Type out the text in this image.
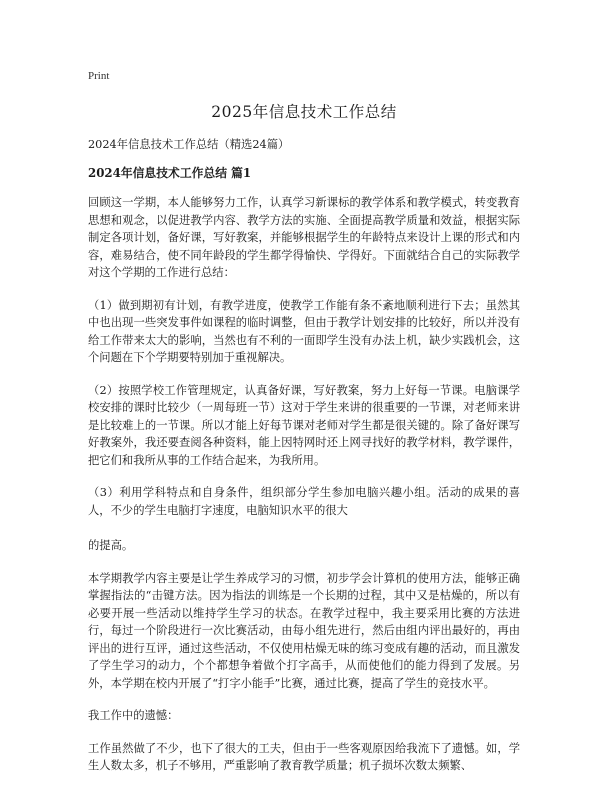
Print
2025年信息技术工作总结

2024年信息技术工作总结（精选24篇）

2024年信息技术工作总结 篇1

回顾这一学期，本人能够努力工作，认真学习新课标的教学体系和教学模式，转变教育思想和观念，以促进教学内容、教学方法的实施、全面提高教学质量和效益，根据实际制定各项计划，备好课，写好教案，并能够根据学生的年龄特点来设计上课的形式和内容，难易结合，使不同年龄段的学生都学得愉快、学得好。下面就结合自己的实际教学对这个学期的工作进行总结：

（1）做到期初有计划，有教学进度，使教学工作能有条不紊地顺利进行下去；虽然其中也出现一些突发事件如课程的临时调整，但由于教学计划安排的比较好，所以并没有给工作带来太大的影响，当然也有不利的一面即学生没有办法上机，缺少实践机会，这个问题在下个学期要特别加于重视解决。

（2）按照学校工作管理规定，认真备好课，写好教案，努力上好每一节课。电脑课学校安排的课时比较少（一周每班一节）这对于学生来讲的很重要的一节课，对老师来讲是比较难上的一节课。所以才能上好每节课对老师对学生都是很关键的。除了备好课写好教案外，我还要查阅各种资料，能上因特网时还上网寻找好的教学材料，教学课件，把它们和我所从事的工作结合起来，为我所用。

（3）利用学科特点和自身条件，组织部分学生参加电脑兴趣小组。活动的成果的喜人，不少的学生电脑打字速度，电脑知识水平的很大

的提高。

本学期教学内容主要是让学生养成学习的习惯，初步学会计算机的使用方法，能够正确掌握指法的“击键方法。因为指法的训练是一个长期的过程，其中又是枯燥的，所以有必要开展一些活动以维持学生学习的状态。在教学过程中，我主要采用比赛的方法进行，每过一个阶段进行一次比赛活动，由每小组先进行，然后由组内评出最好的，再由评出的进行互评，通过这些活动，不仅使用枯燥无味的练习变成有趣的活动，而且激发了学生学习的动力，个个都想争着做个打字高手，从而使他们的能力得到了发展。另外，本学期在校内开展了“打字小能手”比赛，通过比赛，提高了学生的竞技水平。

我工作中的遗憾：

工作虽然做了不少，也下了很大的工夫，但由于一些客观原因给我流下了遗憾。如，学生人数太多，机子不够用，严重影响了教育教学质量；机子损坏次数太频繁、
